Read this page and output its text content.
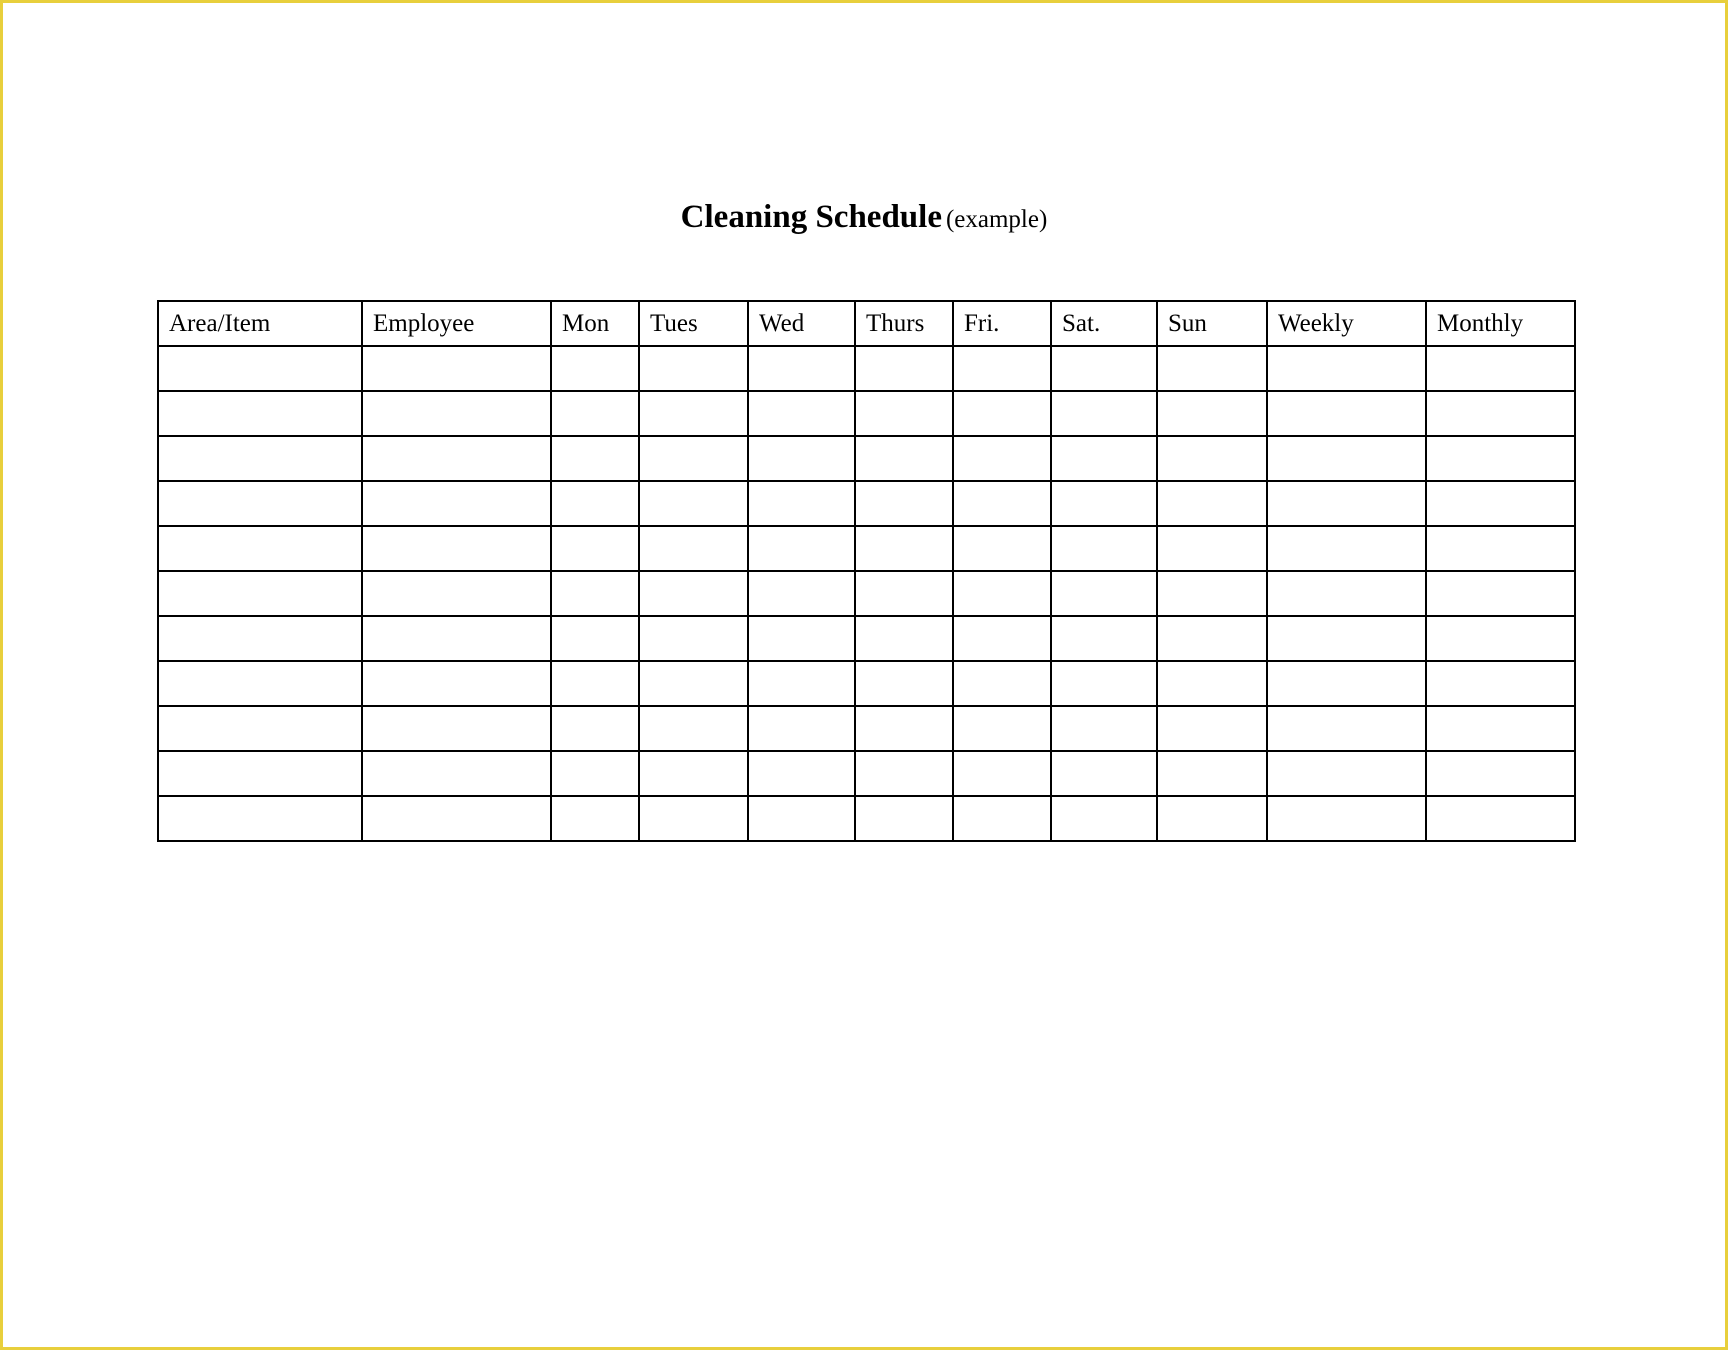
Cleaning Schedule (example)
Area/Item	Employee	Mon	Tues	Wed	Thurs	Fri.	Sat.	Sun	Weekly	Monthly
